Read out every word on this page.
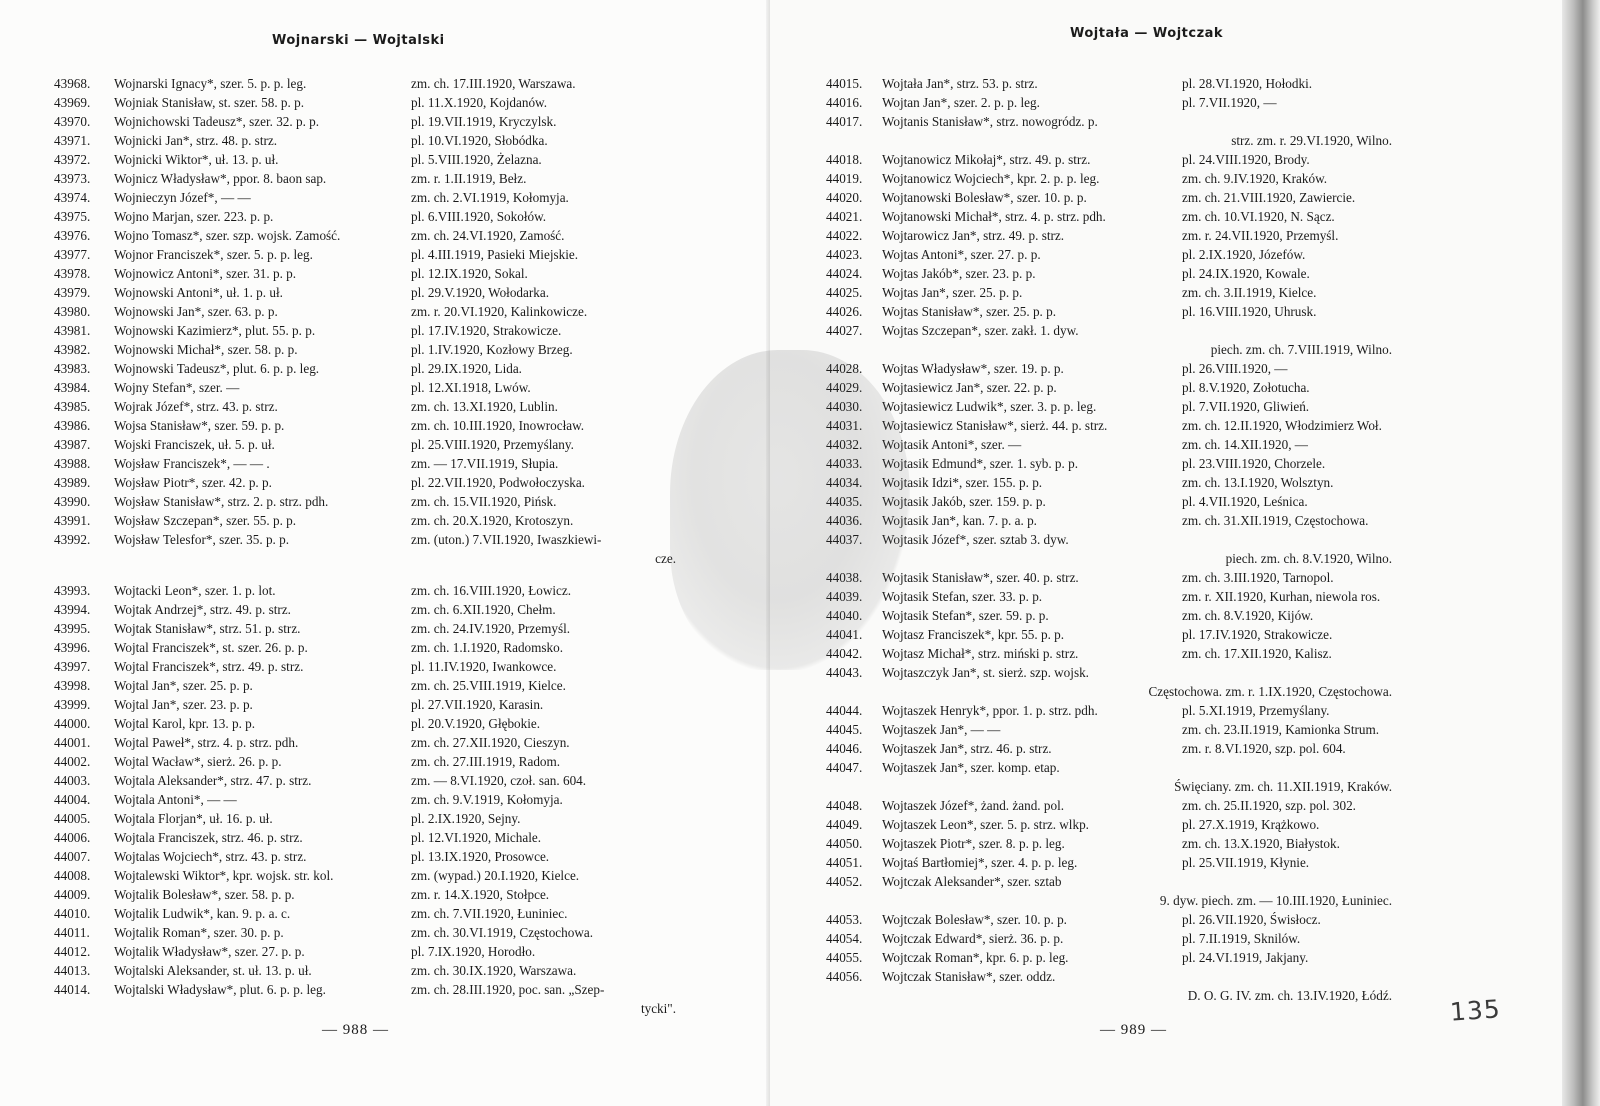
Wojnarski — Wojtalski
43968. Wojnarski Ignacy*, szer. 5. p. p. leg.	zm. ch. 17.III.1920, Warszawa.
43969. Wojniak Stanisław, st. szer. 58. p. p.	pl. 11.X.1920, Kojdanów.
43970. Wojnichowski Tadeusz*, szer. 32. p. p.	pl. 19.VII.1919, Kryczylsk.
43971. Wojnicki Jan*, strz. 48. p. strz.	pl. 10.VI.1920, Słobódka.
43972. Wojnicki Wiktor*, uł. 13. p. uł.	pl. 5.VIII.1920, Żelazna.
43973. Wojnicz Władysław*, ppor. 8. baon sap.	zm. r. 1.II.1919, Bełz.
43974. Wojnieczyn Józef*, — —	zm. ch. 2.VI.1919, Kołomyja.
43975. Wojno Marjan, szer. 223. p. p.	pl. 6.VIII.1920, Sokołów.
43976. Wojno Tomasz*, szer. szp. wojsk. Zamość.	zm. ch. 24.VI.1920, Zamość.
43977. Wojnor Franciszek*, szer. 5. p. p. leg.	pl. 4.III.1919, Pasieki Miejskie.
43978. Wojnowicz Antoni*, szer. 31. p. p.	pl. 12.IX.1920, Sokal.
43979. Wojnowski Antoni*, uł. 1. p. uł.	pl. 29.V.1920, Wołodarka.
43980. Wojnowski Jan*, szer. 63. p. p.	zm. r. 20.VI.1920, Kalinkowicze.
43981. Wojnowski Kazimierz*, plut. 55. p. p.	pl. 17.IV.1920, Strakowicze.
43982. Wojnowski Michał*, szer. 58. p. p.	pl. 1.IV.1920, Kozłowy Brzeg.
43983. Wojnowski Tadeusz*, plut. 6. p. p. leg.	pl. 29.IX.1920, Lida.
43984. Wojny Stefan*, szer. —	pl. 12.XI.1918, Lwów.
43985. Wojrak Józef*, strz. 43. p. strz.	zm. ch. 13.XI.1920, Lublin.
43986. Wojsa Stanisław*, szer. 59. p. p.	zm. ch. 10.III.1920, Inowrocław.
43987. Wojski Franciszek, uł. 5. p. uł.	pl. 25.VIII.1920, Przemyślany.
43988. Wojsław Franciszek*, — — .	zm. — 17.VII.1919, Słupia.
43989. Wojsław Piotr*, szer. 42. p. p.	pl. 22.VII.1920, Podwołoczyska.
43990. Wojsław Stanisław*, strz. 2. p. strz. pdh.	zm. ch. 15.VII.1920, Pińsk.
43991. Wojsław Szczepan*, szer. 55. p. p.	zm. ch. 20.X.1920, Krotoszyn.
43992. Wojsław Telesfor*, szer. 35. p. p.	zm. (uton.) 7.VII.1920, Iwaszkiewi-
cze.
43993. Wojtacki Leon*, szer. 1. p. lot.	zm. ch. 16.VIII.1920, Łowicz.
43994. Wojtak Andrzej*, strz. 49. p. strz.	zm. ch. 6.XII.1920, Chełm.
43995. Wojtak Stanisław*, strz. 51. p. strz.	zm. ch. 24.IV.1920, Przemyśl.
43996. Wojtal Franciszek*, st. szer. 26. p. p.	zm. ch. 1.I.1920, Radomsko.
43997. Wojtal Franciszek*, strz. 49. p. strz.	pl. 11.IV.1920, Iwankowce.
43998. Wojtal Jan*, szer. 25. p. p.	zm. ch. 25.VIII.1919, Kielce.
43999. Wojtal Jan*, szer. 23. p. p.	pl. 27.VII.1920, Karasin.
44000. Wojtal Karol, kpr. 13. p. p.	pl. 20.V.1920, Głębokie.
44001. Wojtal Paweł*, strz. 4. p. strz. pdh.	zm. ch. 27.XII.1920, Cieszyn.
44002. Wojtal Wacław*, sierż. 26. p. p.	zm. ch. 27.III.1919, Radom.
44003. Wojtala Aleksander*, strz. 47. p. strz.	zm. — 8.VI.1920, czoł. san. 604.
44004. Wojtala Antoni*, — —	zm. ch. 9.V.1919, Kołomyja.
44005. Wojtala Florjan*, uł. 16. p. uł.	pl. 2.IX.1920, Sejny.
44006. Wojtala Franciszek, strz. 46. p. strz.	pl. 12.VI.1920, Michale.
44007. Wojtalas Wojciech*, strz. 43. p. strz.	pl. 13.IX.1920, Prosowce.
44008. Wojtalewski Wiktor*, kpr. wojsk. str. kol.	zm. (wypad.) 20.I.1920, Kielce.
44009. Wojtalik Bolesław*, szer. 58. p. p.	zm. r. 14.X.1920, Stołpce.
44010. Wojtalik Ludwik*, kan. 9. p. a. c.	zm. ch. 7.VII.1920, Łuniniec.
44011. Wojtalik Roman*, szer. 30. p. p.	zm. ch. 30.VI.1919, Częstochowa.
44012. Wojtalik Władysław*, szer. 27. p. p.	pl. 7.IX.1920, Horodło.
44013. Wojtalski Aleksander, st. uł. 13. p. uł.	zm. ch. 30.IX.1920, Warszawa.
44014. Wojtalski Władysław*, plut. 6. p. p. leg.	zm. ch. 28.III.1920, poc. san. „Szep-
tycki".
— 988 —
Wojtała — Wojtczak
44015. Wojtała Jan*, strz. 53. p. strz.	pl. 28.VI.1920, Hołodki.
44016. Wojtan Jan*, szer. 2. p. p. leg.	pl. 7.VII.1920, —
44017. Wojtanis Stanisław*, strz. nowogródz. p.
strz. zm. r. 29.VI.1920, Wilno.
44018. Wojtanowicz Mikołaj*, strz. 49. p. strz.	pl. 24.VIII.1920, Brody.
44019. Wojtanowicz Wojciech*, kpr. 2. p. p. leg.	zm. ch. 9.IV.1920, Kraków.
44020. Wojtanowski Bolesław*, szer. 10. p. p.	zm. ch. 21.VIII.1920, Zawiercie.
44021. Wojtanowski Michał*, strz. 4. p. strz. pdh.	zm. ch. 10.VI.1920, N. Sącz.
44022. Wojtarowicz Jan*, strz. 49. p. strz.	zm. r. 24.VII.1920, Przemyśl.
44023. Wojtas Antoni*, szer. 27. p. p.	pl. 2.IX.1920, Józefów.
44024. Wojtas Jakób*, szer. 23. p. p.	pl. 24.IX.1920, Kowale.
44025. Wojtas Jan*, szer. 25. p. p.	zm. ch. 3.II.1919, Kielce.
44026. Wojtas Stanisław*, szer. 25. p. p.	pl. 16.VIII.1920, Uhrusk.
44027. Wojtas Szczepan*, szer. zakł. 1. dyw.
piech. zm. ch. 7.VIII.1919, Wilno.
44028. Wojtas Władysław*, szer. 19. p. p.	pl. 26.VIII.1920, —
44029. Wojtasiewicz Jan*, szer. 22. p. p.	pl. 8.V.1920, Zołotucha.
44030. Wojtasiewicz Ludwik*, szer. 3. p. p. leg.	pl. 7.VII.1920, Gliwień.
44031. Wojtasiewicz Stanisław*, sierż. 44. p. strz.	zm. ch. 12.II.1920, Włodzimierz Woł.
44032. Wojtasik Antoni*, szer. —	zm. ch. 14.XII.1920, —
44033. Wojtasik Edmund*, szer. 1. syb. p. p.	pl. 23.VIII.1920, Chorzele.
44034. Wojtasik Idzi*, szer. 155. p. p.	zm. ch. 13.I.1920, Wolsztyn.
44035. Wojtasik Jakób, szer. 159. p. p.	pl. 4.VII.1920, Leśnica.
44036. Wojtasik Jan*, kan. 7. p. a. p.	zm. ch. 31.XII.1919, Częstochowa.
44037. Wojtasik Józef*, szer. sztab 3. dyw.
piech. zm. ch. 8.V.1920, Wilno.
44038. Wojtasik Stanisław*, szer. 40. p. strz.	zm. ch. 3.III.1920, Tarnopol.
44039. Wojtasik Stefan, szer. 33. p. p.	zm. r. XII.1920, Kurhan, niewola ros.
44040. Wojtasik Stefan*, szer. 59. p. p.	zm. ch. 8.V.1920, Kijów.
44041. Wojtasz Franciszek*, kpr. 55. p. p.	pl. 17.IV.1920, Strakowicze.
44042. Wojtasz Michał*, strz. miński p. strz.	zm. ch. 17.XII.1920, Kalisz.
44043. Wojtaszczyk Jan*, st. sierż. szp. wojsk.
Częstochowa. zm. r. 1.IX.1920, Częstochowa.
44044. Wojtaszek Henryk*, ppor. 1. p. strz. pdh.	pl. 5.XI.1919, Przemyślany.
44045. Wojtaszek Jan*, — —	zm. ch. 23.II.1919, Kamionka Strum.
44046. Wojtaszek Jan*, strz. 46. p. strz.	zm. r. 8.VI.1920, szp. pol. 604.
44047. Wojtaszek Jan*, szer. komp. etap.
Święciany. zm. ch. 11.XII.1919, Kraków.
44048. Wojtaszek Józef*, żand. żand. pol.	zm. ch. 25.II.1920, szp. pol. 302.
44049. Wojtaszek Leon*, szer. 5. p. strz. wlkp.	pl. 27.X.1919, Krążkowo.
44050. Wojtaszek Piotr*, szer. 8. p. p. leg.	zm. ch. 13.X.1920, Białystok.
44051. Wojtaś Bartłomiej*, szer. 4. p. p. leg.	pl. 25.VII.1919, Kłynie.
44052. Wojtczak Aleksander*, szer. sztab
9. dyw. piech. zm. — 10.III.1920, Łuniniec.
44053. Wojtczak Bolesław*, szer. 10. p. p.	pl. 26.VII.1920, Świsłocz.
44054. Wojtczak Edward*, sierż. 36. p. p.	pl. 7.II.1919, Sknilów.
44055. Wojtczak Roman*, kpr. 6. p. p. leg.	pl. 24.VI.1919, Jakjany.
44056. Wojtczak Stanisław*, szer. oddz.
D. O. G. IV. zm. ch. 13.IV.1920, Łódź.
— 989 —
135
